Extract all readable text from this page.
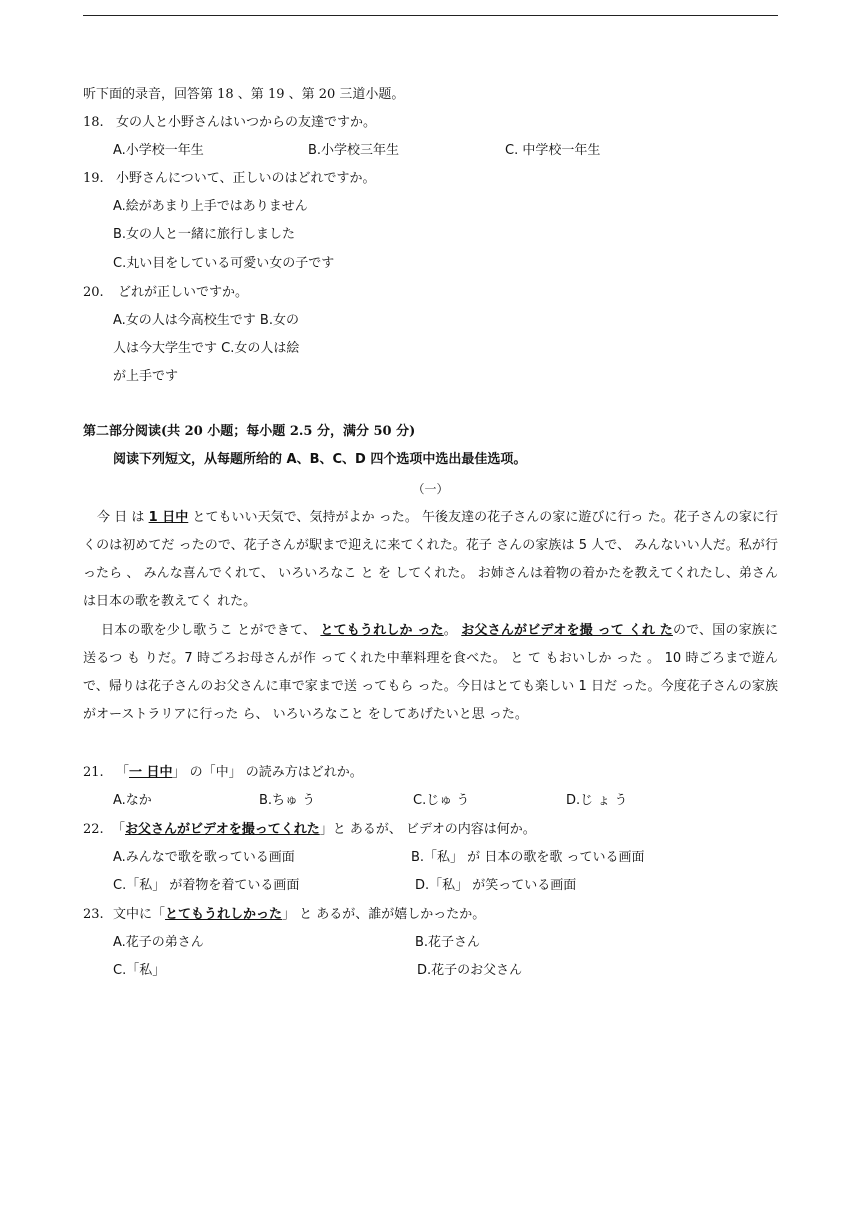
听下面的录音，回答第 18 、第 19 、第 20 三道小题。
18. 女の人と小野さんはいつからの友達ですか。
A.小学校一年生	B.小学校三年生	C. 中学校一年生
19. 小野さんについて、正しいのはどれですか。
A.絵があまり上手ではありません
B.女の人と一緒に旅行しました
C.丸い目をしている可愛い女の子です
20. どれが正しいですか。
A.女の人は今高校生です B.女の
人は今大学生です C.女の人は絵
が上手です
第二部分阅读(共 20 小题；每小题 2.5 分，满分 50 分)
阅读下列短文，从每题所给的 A、B、C、D 四个选项中选出最佳选项。
（一）
今 日 は 1 日中 とてもいい天気で、気持がよか った。 午後友達の花子さんの家に遊びに行っ た。花子さんの家に行くのは初めてだ ったので、花子さんが駅まで迎えに来てくれた。花子 さんの家族は 5 人で、 みんないい人だ。私が行 ったら 、 みんな喜んでくれて、 いろいろなこ と を してくれた。 お姉さんは着物の着かたを教えてくれたし、弟さんは日本の歌を教えてく れた。
日本の歌を少し歌うこ とができて、 とてもうれしか った。 お父さんがビデオを撮 って くれ たので、国の家族に送るつ も りだ。7 時ごろお母さんが作 ってくれた中華料理を食べた。 と て もおいしか った 。 10 時ごろまで遊んで、帰りは花子さんのお父さんに車で家まで送 ってもら った。今日はとても楽しい 1 日だ った。今度花子さんの家族がオーストラリアに行った ら、 いろいろなこと をしてあげたいと思 った。
21. 「一 日中」 の「中」 の読み方はどれか。
A.なか	B.ちゅ う	C.じゅ う	D.じ ょ う
22. 「お父さんがビデオを撮ってくれた」と あるが、 ビデオの内容は何か。
A.みんなで歌を歌っている画面	B.「私」 が 日本の歌を歌 っている画面
C.「私」 が着物を着ている画面	D.「私」 が笑っている画面
23. 文中に「とてもうれしかった」 と あるが、誰が嬉しかったか。
A.花子の弟さん	B.花子さん
C.「私」	D.花子のお父さん
